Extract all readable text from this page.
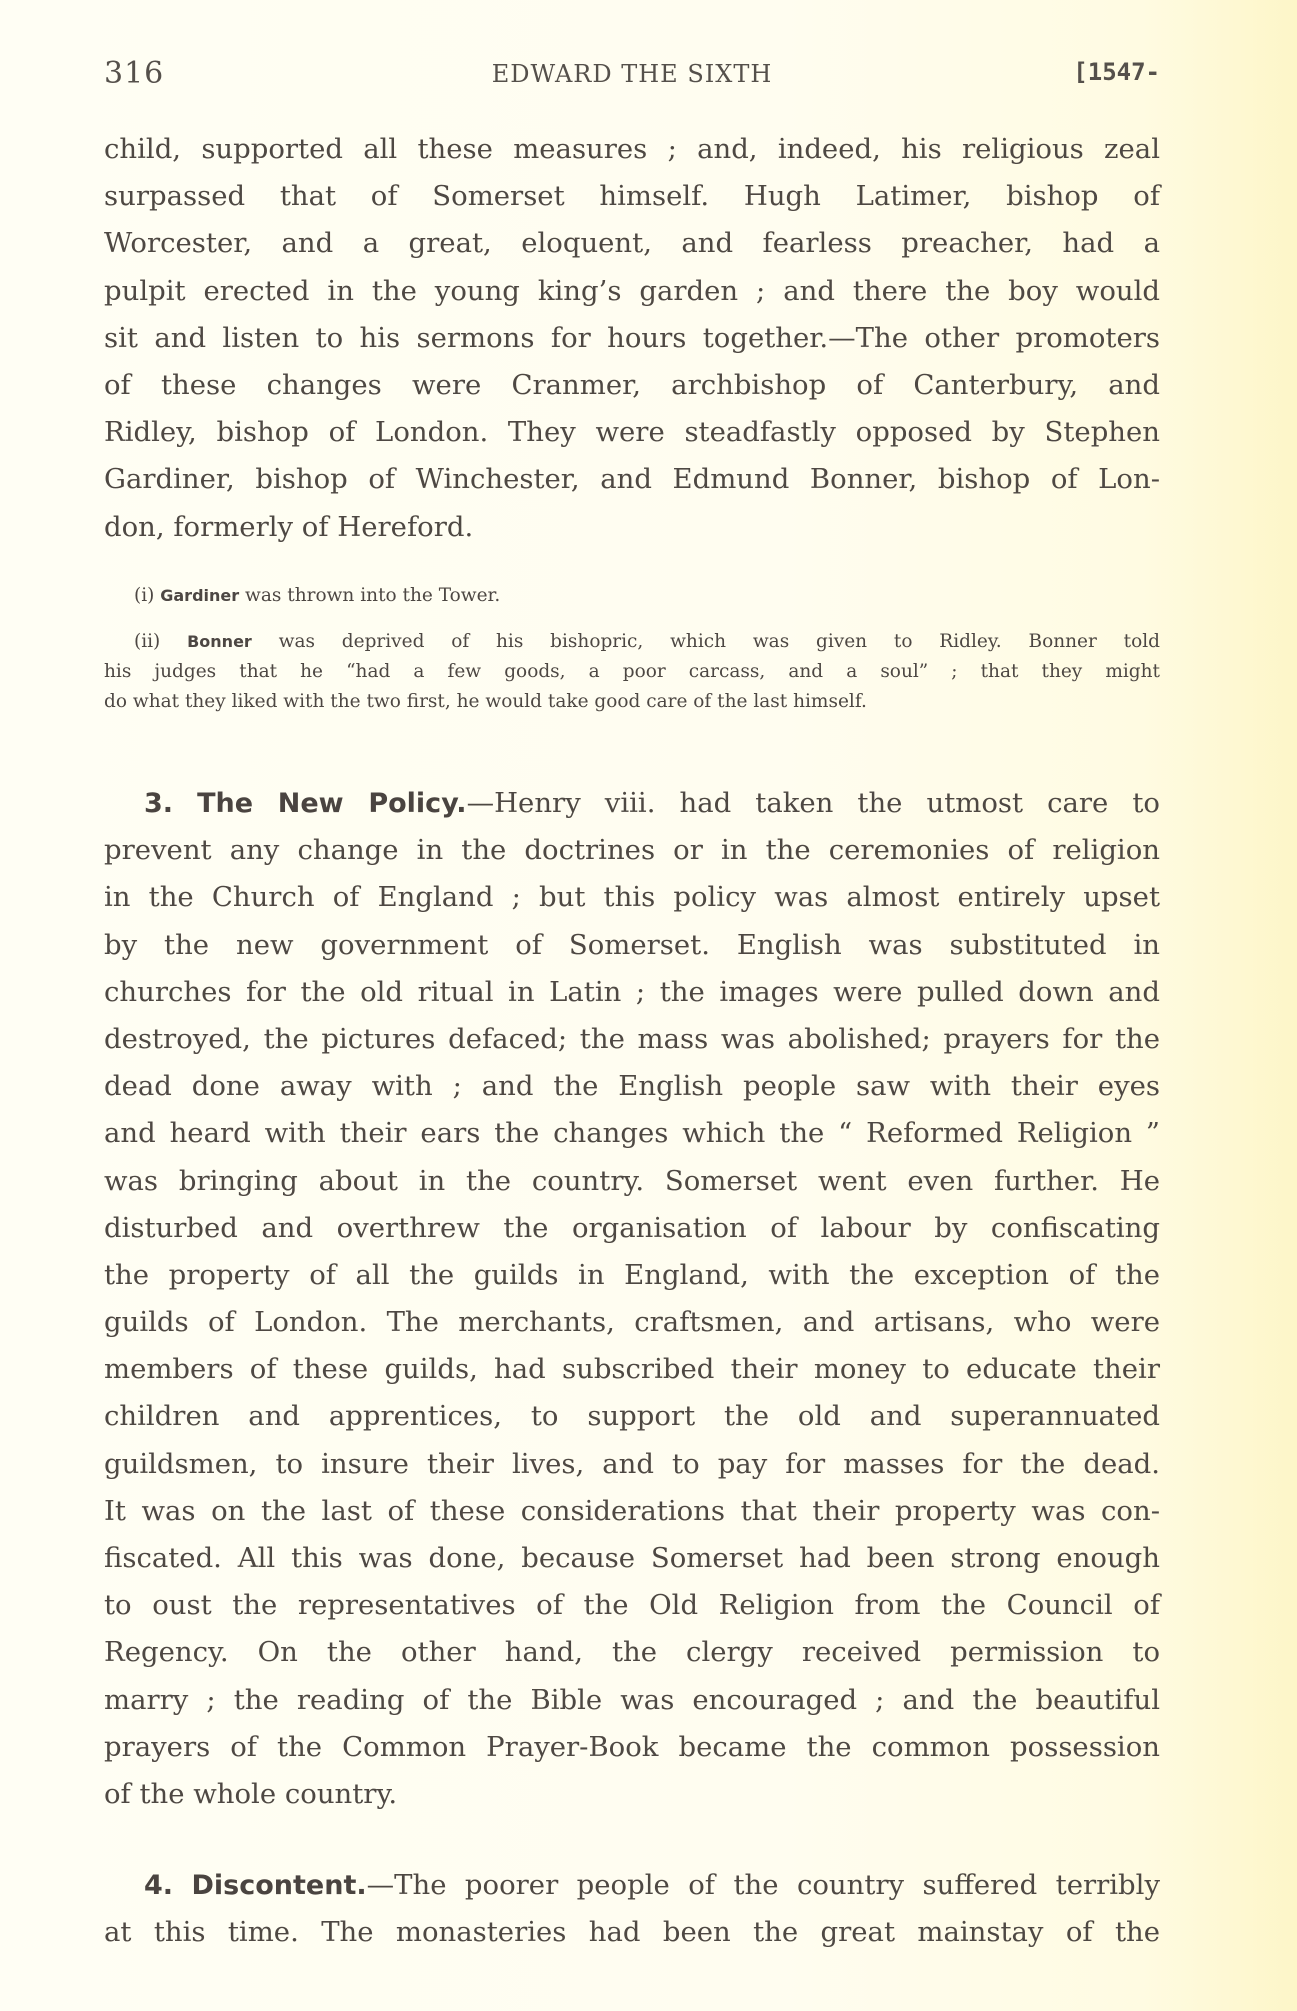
316	EDWARD THE SIXTH	[1547-
child, supported all these measures ; and, indeed, his religious zeal
surpassed that of Somerset himself. Hugh Latimer, bishop of
Worcester, and a great, eloquent, and fearless preacher, had a
pulpit erected in the young king’s garden ; and there the boy would
sit and listen to his sermons for hours together.—The other promoters
of these changes were Cranmer, archbishop of Canterbury, and
Ridley, bishop of London. They were steadfastly opposed by Stephen
Gardiner, bishop of Winchester, and Edmund Bonner, bishop of Lon-
don, formerly of Hereford.
(i) Gardiner was thrown into the Tower.
(ii) Bonner was deprived of his bishopric, which was given to Ridley. Bonner told
his judges that he “had a few goods, a poor carcass, and a soul” ; that they might
do what they liked with the two first, he would take good care of the last himself.
3. The New Policy.—Henry viii. had taken the utmost care to
prevent any change in the doctrines or in the ceremonies of religion
in the Church of England ; but this policy was almost entirely upset
by the new government of Somerset. English was substituted in
churches for the old ritual in Latin ; the images were pulled down and
destroyed, the pictures defaced; the mass was abolished; prayers for the
dead done away with ; and the English people saw with their eyes
and heard with their ears the changes which the “ Reformed Religion ”
was bringing about in the country. Somerset went even further. He
disturbed and overthrew the organisation of labour by confiscating
the property of all the guilds in England, with the exception of the
guilds of London. The merchants, craftsmen, and artisans, who were
members of these guilds, had subscribed their money to educate their
children and apprentices, to support the old and superannuated
guildsmen, to insure their lives, and to pay for masses for the dead.
It was on the last of these considerations that their property was con-
fiscated. All this was done, because Somerset had been strong enough
to oust the representatives of the Old Religion from the Council of
Regency. On the other hand, the clergy received permission to
marry ; the reading of the Bible was encouraged ; and the beautiful
prayers of the Common Prayer-Book became the common possession
of the whole country.
4. Discontent.—The poorer people of the country suffered terribly
at this time. The monasteries had been the great mainstay of the
